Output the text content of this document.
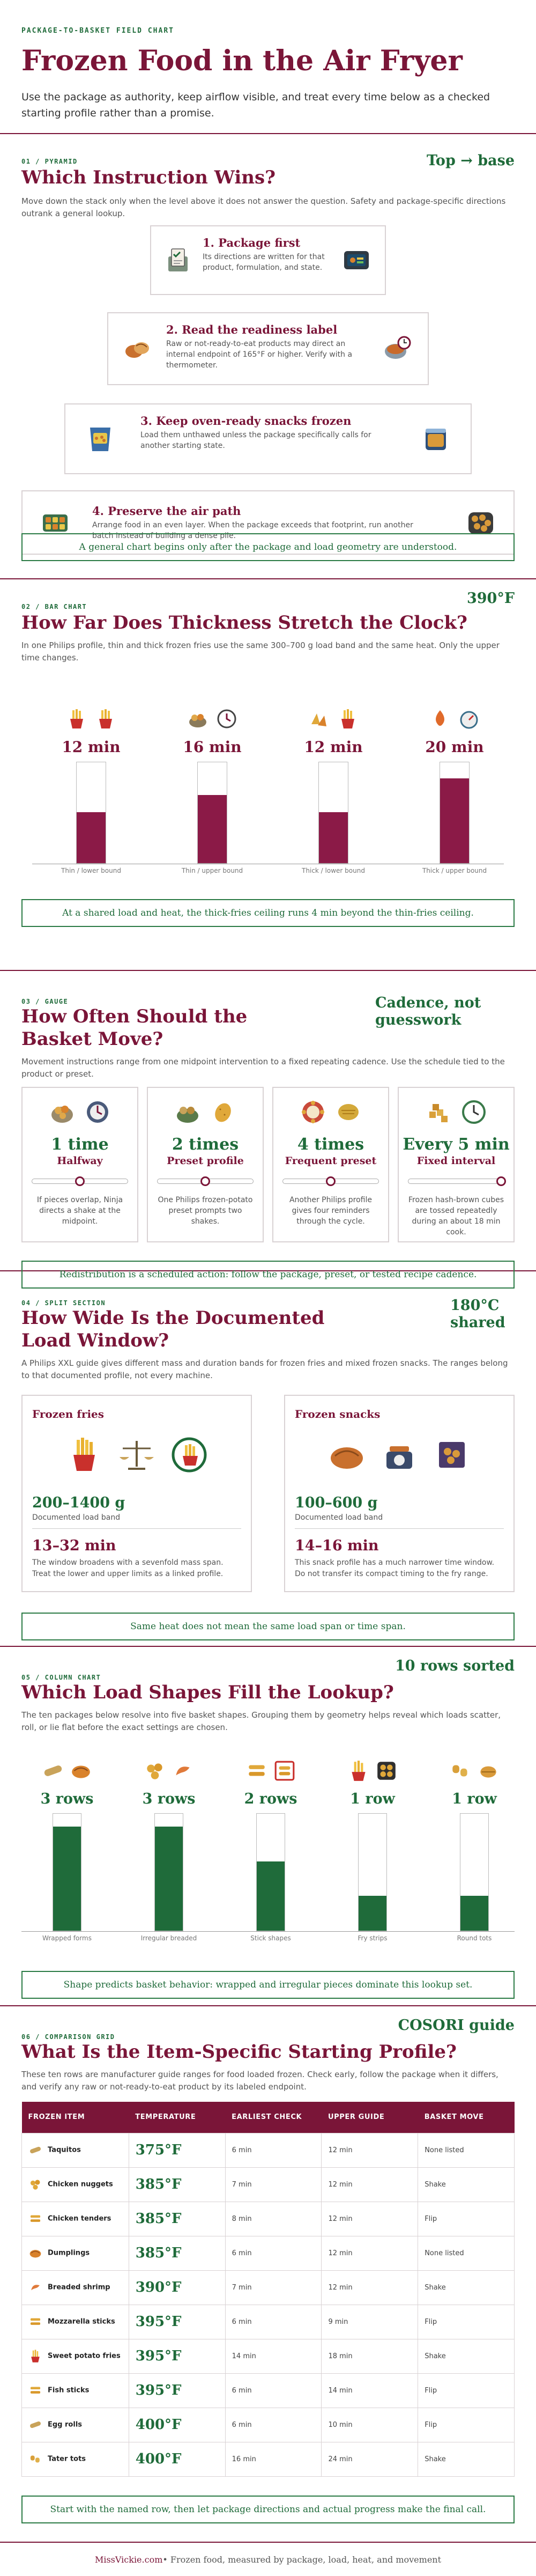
PACKAGE-TO-BASKET FIELD CHART
Frozen Food in the Air Fryer

Use the package as authority, keep airflow visible, and treat every time below as a checked starting profile rather than a promise.

01 / PYRAMID
Which Instruction Wins?
Top → base

Move down the stack only when the level above it does not answer the question. Safety and package-specific directions outrank a general lookup.

1. Package first
Its directions are written for that product, formulation, and state.
2. Read the readiness label
Raw or not-ready-to-eat products may direct an internal endpoint of 165°F or higher. Verify with a thermometer.
3. Keep oven-ready snacks frozen
Load them unthawed unless the package specifically calls for another starting state.
4. Preserve the air path
Arrange food in an even layer. When the package exceeds that footprint, run another batch instead of building a dense pile.
A general chart begins only after the package and load geometry are understood.
02 / BAR CHART
How Far Does Thickness Stretch the Clock?
390°F

In one Philips profile, thin and thick frozen fries use the same 300–700 g load band and the same heat. Only the upper time changes.

12 min
Thin / lower bound
16 min
Thin / upper bound
12 min
Thick / lower bound
20 min
Thick / upper bound
At a shared load and heat, the thick-fries ceiling runs 4 min beyond the thin-fries ceiling.
03 / GAUGE
How Often Should the Basket Move?
Cadence, not guesswork

Movement instructions range from one midpoint intervention to a fixed repeating cadence. Use the schedule tied to the product or preset.

1 time
Halfway
If pieces overlap, Ninja directs a shake at the midpoint.
2 times
Preset profile
One Philips frozen-potato preset prompts two shakes.
4 times
Frequent preset
Another Philips profile gives four reminders through the cycle.
Every 5 min
Fixed interval
Frozen hash-brown cubes are tossed repeatedly during an about 18 min cook.
Redistribution is a scheduled action: follow the package, preset, or tested recipe cadence.
04 / SPLIT SECTION
How Wide Is the Documented Load Window?
180°C shared

A Philips XXL guide gives different mass and duration bands for frozen fries and mixed frozen snacks. The ranges belong to that documented profile, not every machine.

Frozen fries
200–1400 g
Documented load band
13–32 min
The window broadens with a sevenfold mass span. Treat the lower and upper limits as a linked profile.
Frozen snacks
100–600 g
Documented load band
14–16 min
This snack profile has a much narrower time window. Do not transfer its compact timing to the fry range.
Same heat does not mean the same load span or time span.
05 / COLUMN CHART
Which Load Shapes Fill the Lookup?
10 rows sorted

The ten packages below resolve into five basket shapes. Grouping them by geometry helps reveal which loads scatter, roll, or lie flat before the exact settings are chosen.

3 rows
Wrapped forms
3 rows
Irregular breaded
2 rows
Stick shapes
1 row
Fry strips
1 row
Round tots
Shape predicts basket behavior: wrapped and irregular pieces dominate this lookup set.
06 / COMPARISON GRID
What Is the Item-Specific Starting Profile?
COSORI guide

These ten rows are manufacturer guide ranges for food loaded frozen. Check early, follow the package when it differs, and verify any raw or not-ready-to-eat product by its labeled endpoint.

FROZEN ITEM	TEMPERATURE	EARLIEST CHECK	UPPER GUIDE	BASKET MOVE
Taquitos	375°F	6 min	12 min	None listed
Chicken nuggets	385°F	7 min	12 min	Shake
Chicken tenders	385°F	8 min	12 min	Flip
Dumplings	385°F	6 min	12 min	None listed
Breaded shrimp	390°F	7 min	12 min	Shake
Mozzarella sticks	395°F	6 min	9 min	Flip
Sweet potato fries	395°F	14 min	18 min	Shake
Fish sticks	395°F	6 min	14 min	Flip
Egg rolls	400°F	6 min	10 min	Flip
Tater tots	400°F	16 min	24 min	Shake
Start with the named row, then let package directions and actual progress make the final call.
MissVickie.com • Frozen food, measured by package, load, heat, and movement
